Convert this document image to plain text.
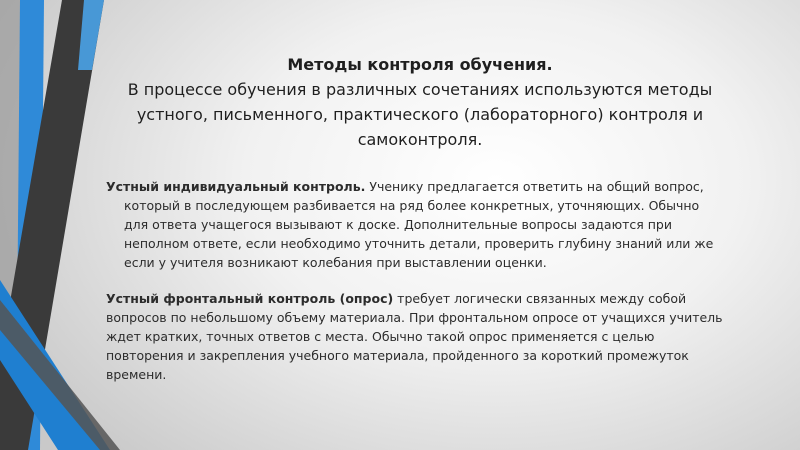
Методы контроля обучения.
В процессе обучения в различных сочетаниях используются методы устного, письменного, практического (лабораторного) контроля и самоконтроля.
Устный индивидуальный контроль. Ученику предлагается ответить на общий вопрос, который в последующем разбивается на ряд более конкретных, уточняющих. Обычно для ответа учащегося вызывают к доске. Дополнительные вопросы задаются при неполном ответе, если необходимо уточнить детали, проверить глубину знаний или же если у учителя возникают колебания при выставлении оценки.
Устный фронтальный контроль (опрос) требует логически связанных между собой вопросов по небольшому объему материала. При фронтальном опросе от учащихся учитель ждет кратких, точных ответов с места. Обычно такой опрос применяется с целью повторения и закрепления учебного материала, пройденного за короткий промежуток времени.
